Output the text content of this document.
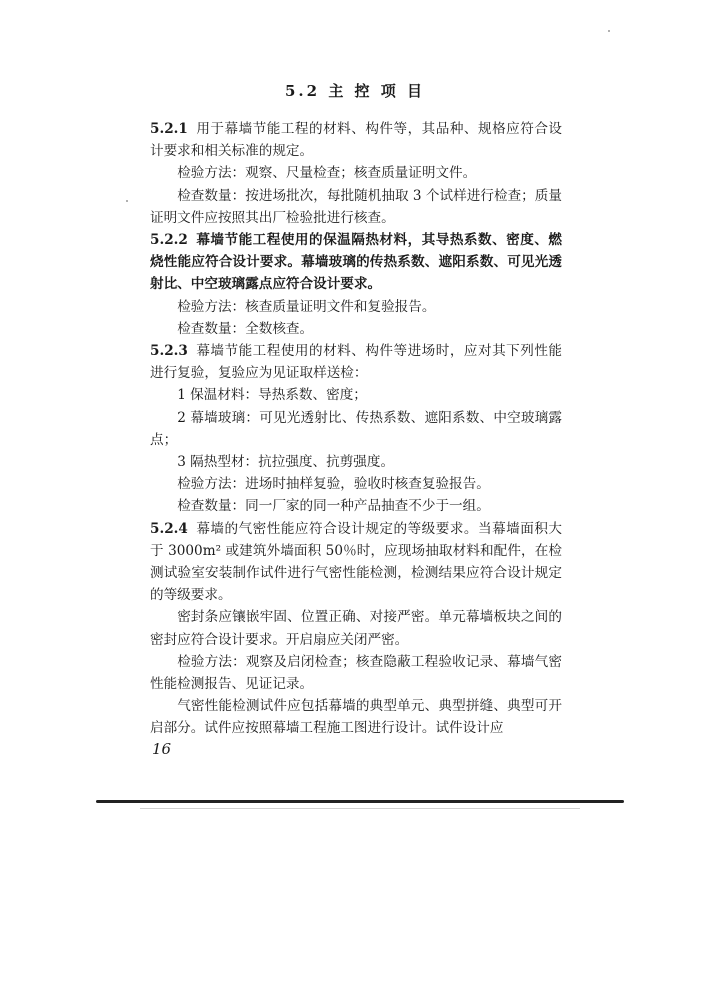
5.2 主 控 项 目

5.2.1 用于幕墙节能工程的材料、构件等，其品种、规格应符合设计要求和相关标准的规定。

检验方法：观察、尺量检查；核查质量证明文件。

检查数量：按进场批次，每批随机抽取 3 个试样进行检查；质量证明文件应按照其出厂检验批进行核查。

5.2.2 幕墙节能工程使用的保温隔热材料，其导热系数、密度、燃烧性能应符合设计要求。幕墙玻璃的传热系数、遮阳系数、可见光透射比、中空玻璃露点应符合设计要求。

检验方法：核查质量证明文件和复验报告。

检查数量：全数核查。

5.2.3 幕墙节能工程使用的材料、构件等进场时，应对其下列性能进行复验，复验应为见证取样送检：

1 保温材料：导热系数、密度；

2 幕墙玻璃：可见光透射比、传热系数、遮阳系数、中空玻璃露点；

3 隔热型材：抗拉强度、抗剪强度。

检验方法：进场时抽样复验，验收时核查复验报告。

检查数量：同一厂家的同一种产品抽查不少于一组。

5.2.4 幕墙的气密性能应符合设计规定的等级要求。当幕墙面积大于 3000m² 或建筑外墙面积 50％时，应现场抽取材料和配件，在检测试验室安装制作试件进行气密性能检测，检测结果应符合设计规定的等级要求。

密封条应镶嵌牢固、位置正确、对接严密。单元幕墙板块之间的密封应符合设计要求。开启扇应关闭严密。

检验方法：观察及启闭检查；核查隐蔽工程验收记录、幕墙气密性能检测报告、见证记录。

气密性能检测试件应包括幕墙的典型单元、典型拼缝、典型可开启部分。试件应按照幕墙工程施工图进行设计。试件设计应

16
